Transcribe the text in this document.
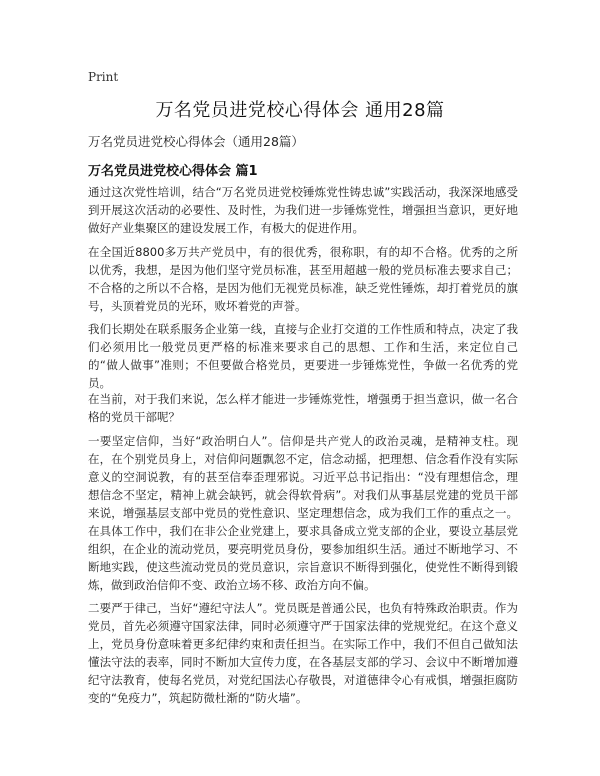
Print
万名党员进党校心得体会 通用28篇
万名党员进党校心得体会（通用28篇）
万名党员进党校心得体会 篇1

通过这次党性培训，结合“万名党员进党校锤炼党性铸忠诚”实践活动，我深深地感受到开展这次活动的必要性、及时性，为我们进一步锤炼党性，增强担当意识，更好地做好产业集聚区的建设发展工作，有极大的促进作用。

在全国近8800多万共产党员中，有的很优秀，很称职，有的却不合格。优秀的之所以优秀，我想，是因为他们坚守党员标准，甚至用超越一般的党员标准去要求自己；不合格的之所以不合格，是因为他们无视党员标准，缺乏党性锤炼，却打着党员的旗号，头顶着党员的光环，败坏着党的声誉。

我们长期处在联系服务企业第一线，直接与企业打交道的工作性质和特点，决定了我们必须用比一般党员更严格的标准来要求自己的思想、工作和生活，来定位自己的“做人做事”准则；不但要做合格党员，更要进一步锤炼党性，争做一名优秀的党员。

在当前，对于我们来说，怎么样才能进一步锤炼党性，增强勇于担当意识，做一名合格的党员干部呢？

一要坚定信仰，当好“政治明白人”。信仰是共产党人的政治灵魂，是精神支柱。现在，在个别党员身上，对信仰问题飘忽不定，信念动摇，把理想、信念看作没有实际意义的空洞说教，有的甚至信奉歪理邪说。习近平总书记指出：“没有理想信念，理想信念不坚定，精神上就会缺钙，就会得软骨病”。对我们从事基层党建的党员干部来说，增强基层支部中党员的党性意识、坚定理想信念，成为我们工作的重点之一。在具体工作中，我们在非公企业党建上，要求具备成立党支部的企业，要设立基层党组织，在企业的流动党员，要亮明党员身份，要参加组织生活。通过不断地学习、不断地实践，使这些流动党员的党员意识，宗旨意识不断得到强化，使党性不断得到锻炼，做到政治信仰不变、政治立场不移、政治方向不偏。

二要严于律己，当好“遵纪守法人”。党员既是普通公民，也负有特殊政治职责。作为党员，首先必须遵守国家法律，同时必须遵守严于国家法律的党规党纪。在这个意义上，党员身份意味着更多纪律约束和责任担当。在实际工作中，我们不但自己做知法懂法守法的表率，同时不断加大宣传力度，在各基层支部的学习、会议中不断增加遵纪守法教育，使每名党员，对党纪国法心存敬畏，对道德律令心有戒惧，增强拒腐防变的“免疫力”，筑起防微杜渐的“防火墙”。
